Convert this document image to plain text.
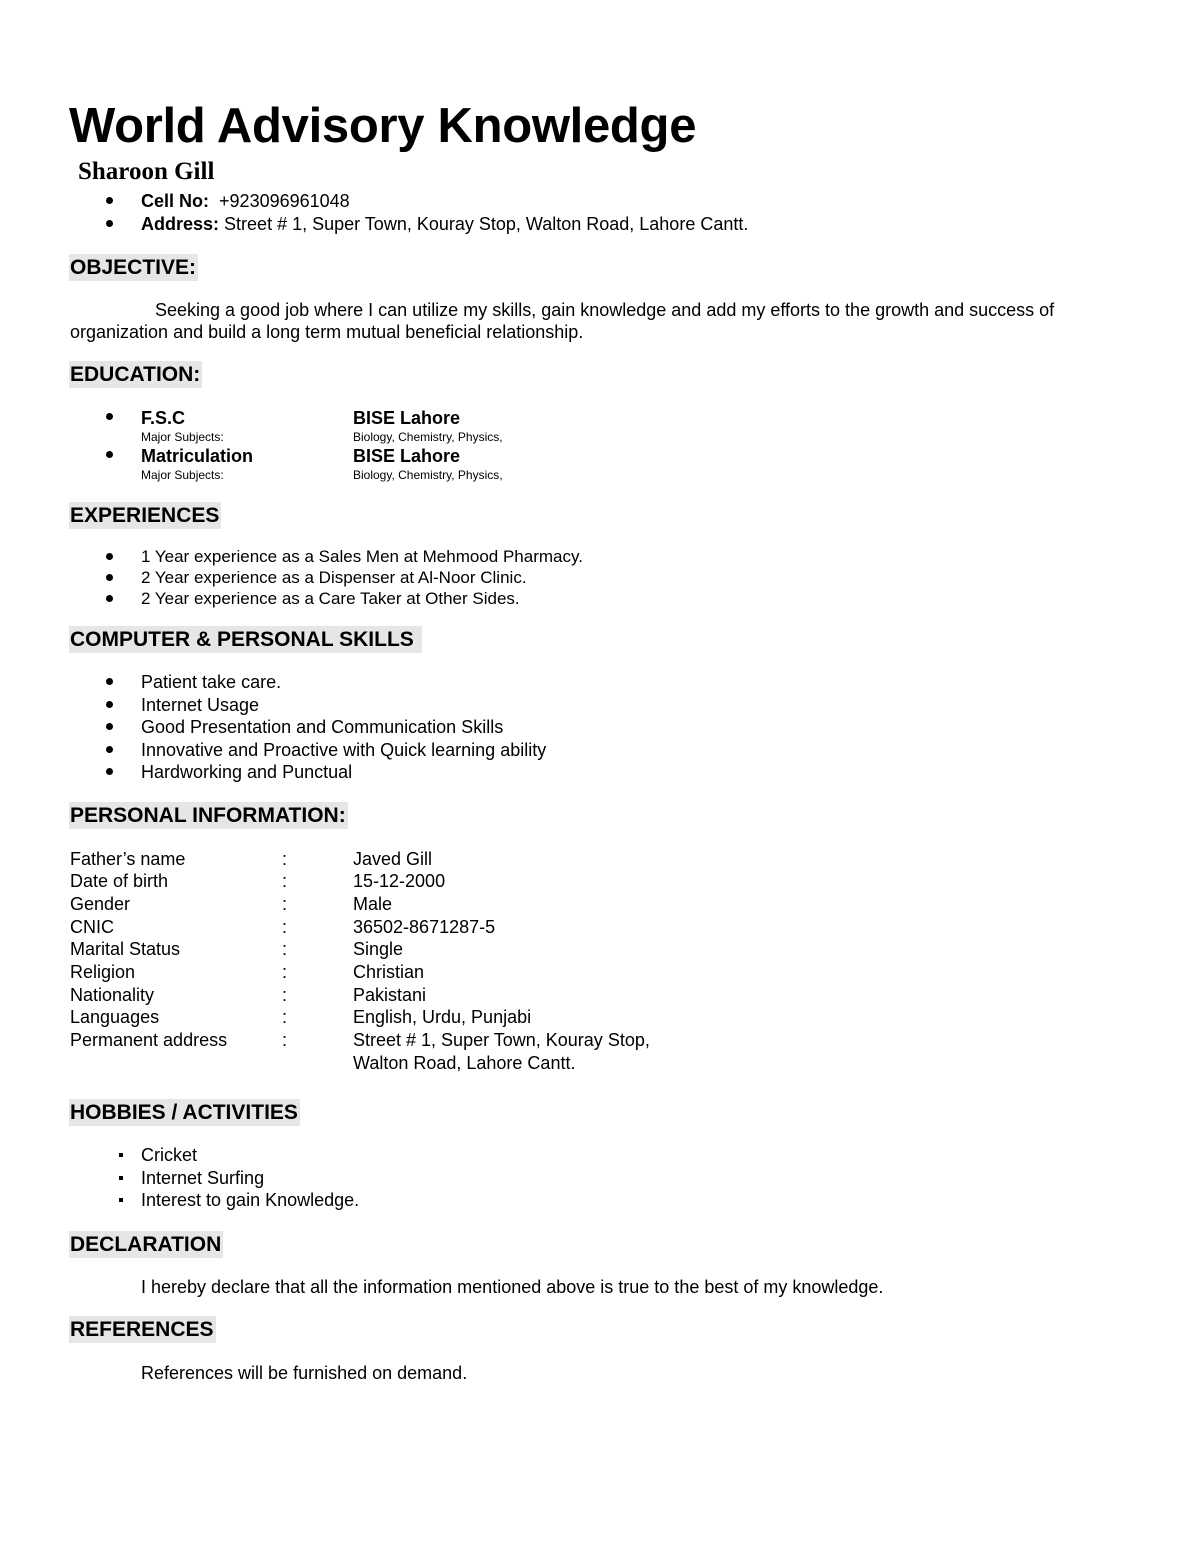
World Advisory Knowledge
Sharoon Gill
Cell No: +923096961048
Address: Street # 1, Super Town, Kouray Stop, Walton Road, Lahore Cantt.
OBJECTIVE:
Seeking a good job where I can utilize my skills, gain knowledge and add my efforts to the growth and success of
organization and build a long term mutual beneficial relationship.
EDUCATION:
F.S.C	BISE Lahore
Major Subjects:	Biology, Chemistry, Physics,
Matriculation	BISE Lahore
Major Subjects:	Biology, Chemistry, Physics,
EXPERIENCES
1 Year experience as a Sales Men at Mehmood Pharmacy.
2 Year experience as a Dispenser at Al-Noor Clinic.
2 Year experience as a Care Taker at Other Sides.
COMPUTER & PERSONAL SKILLS
Patient take care.
Internet Usage
Good Presentation and Communication Skills
Innovative and Proactive with Quick learning ability
Hardworking and Punctual
PERSONAL INFORMATION:
Father’s name	:	Javed Gill
Date of birth	:	15-12-2000
Gender	:	Male
CNIC	:	36502-8671287-5
Marital Status	:	Single
Religion	:	Christian
Nationality	:	Pakistani
Languages	:	English, Urdu, Punjabi
Permanent address	:	Street # 1, Super Town, Kouray Stop,
Walton Road, Lahore Cantt.
HOBBIES / ACTIVITIES
Cricket
Internet Surfing
Interest to gain Knowledge.
DECLARATION
I hereby declare that all the information mentioned above is true to the best of my knowledge.
REFERENCES
References will be furnished on demand.
